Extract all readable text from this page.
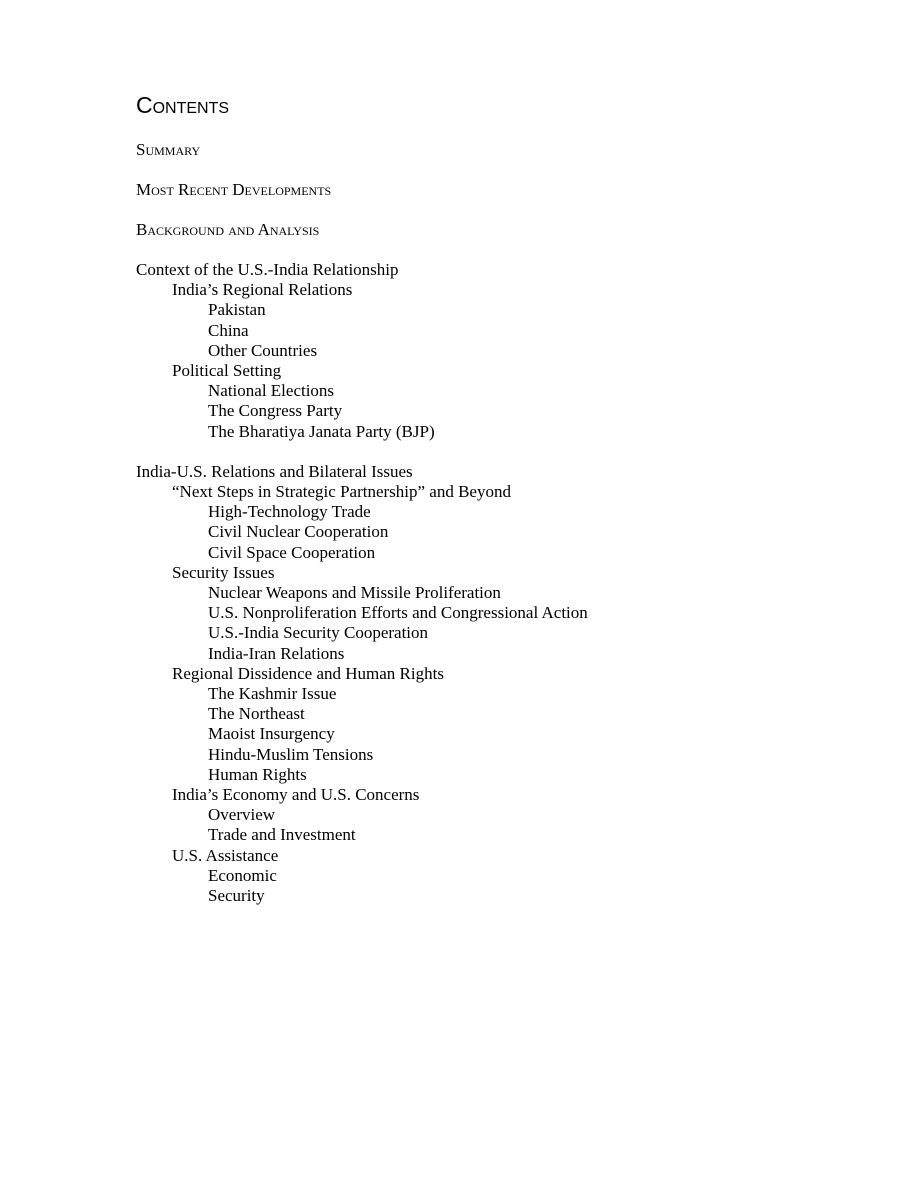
Contents

Summary

Most Recent Developments

Background and Analysis

Context of the U.S.-India Relationship

India’s Regional Relations

Pakistan

China

Other Countries

Political Setting

National Elections

The Congress Party

The Bharatiya Janata Party (BJP)

India-U.S. Relations and Bilateral Issues

“Next Steps in Strategic Partnership” and Beyond

High-Technology Trade

Civil Nuclear Cooperation

Civil Space Cooperation

Security Issues

Nuclear Weapons and Missile Proliferation

U.S. Nonproliferation Efforts and Congressional Action

U.S.-India Security Cooperation

India-Iran Relations

Regional Dissidence and Human Rights

The Kashmir Issue

The Northeast

Maoist Insurgency

Hindu-Muslim Tensions

Human Rights

India’s Economy and U.S. Concerns

Overview

Trade and Investment

U.S. Assistance

Economic

Security
